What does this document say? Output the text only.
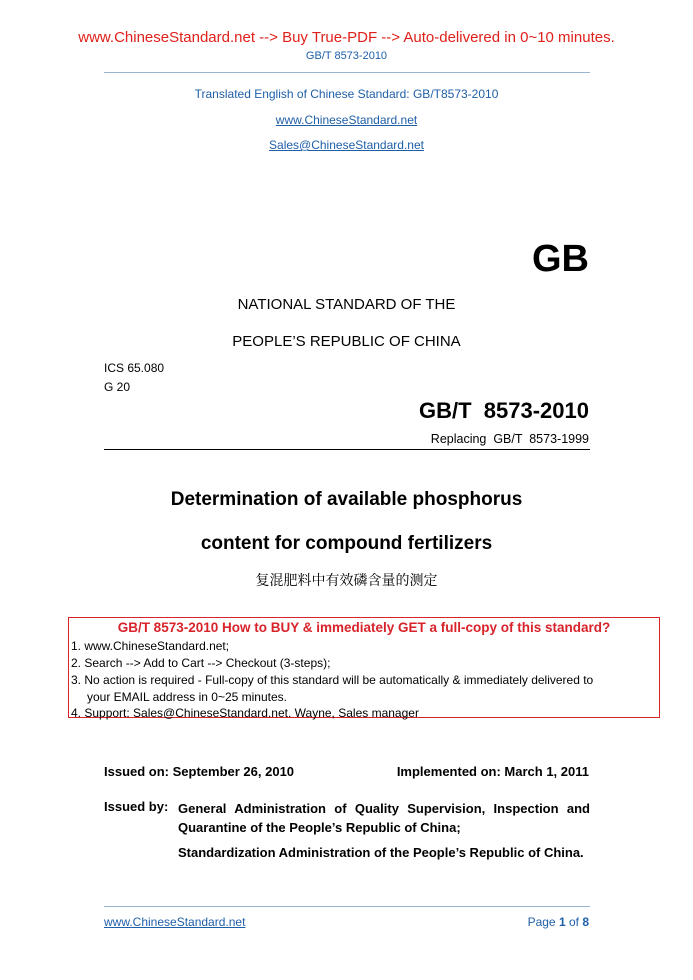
www.ChineseStandard.net --> Buy True-PDF --> Auto-delivered in 0~10 minutes.
GB/T 8573-2010
Translated English of Chinese Standard: GB/T8573-2010
www.ChineseStandard.net
Sales@ChineseStandard.net
GB
NATIONAL STANDARD OF THE
PEOPLE’S REPUBLIC OF CHINA
ICS 65.080
G 20
GB/T  8573-2010
Replacing  GB/T  8573-1999
Determination of available phosphorus
content for compound fertilizers
复混肥料中有效磷含量的测定
GB/T 8573-2010 How to BUY & immediately GET a full-copy of this standard?
1. www.ChineseStandard.net;
2. Search --> Add to Cart --> Checkout (3-steps);
3. No action is required - Full-copy of this standard will be automatically & immediately delivered to
your EMAIL address in 0~25 minutes.
4. Support: Sales@ChineseStandard.net. Wayne, Sales manager
Issued on: September 26, 2010	Implemented on: March 1, 2011
Issued by: General Administration of Quality Supervision, Inspection and Quarantine of the People’s Republic of China;
Standardization Administration of the People’s Republic of China.
www.ChineseStandard.net	Page 1 of 8
